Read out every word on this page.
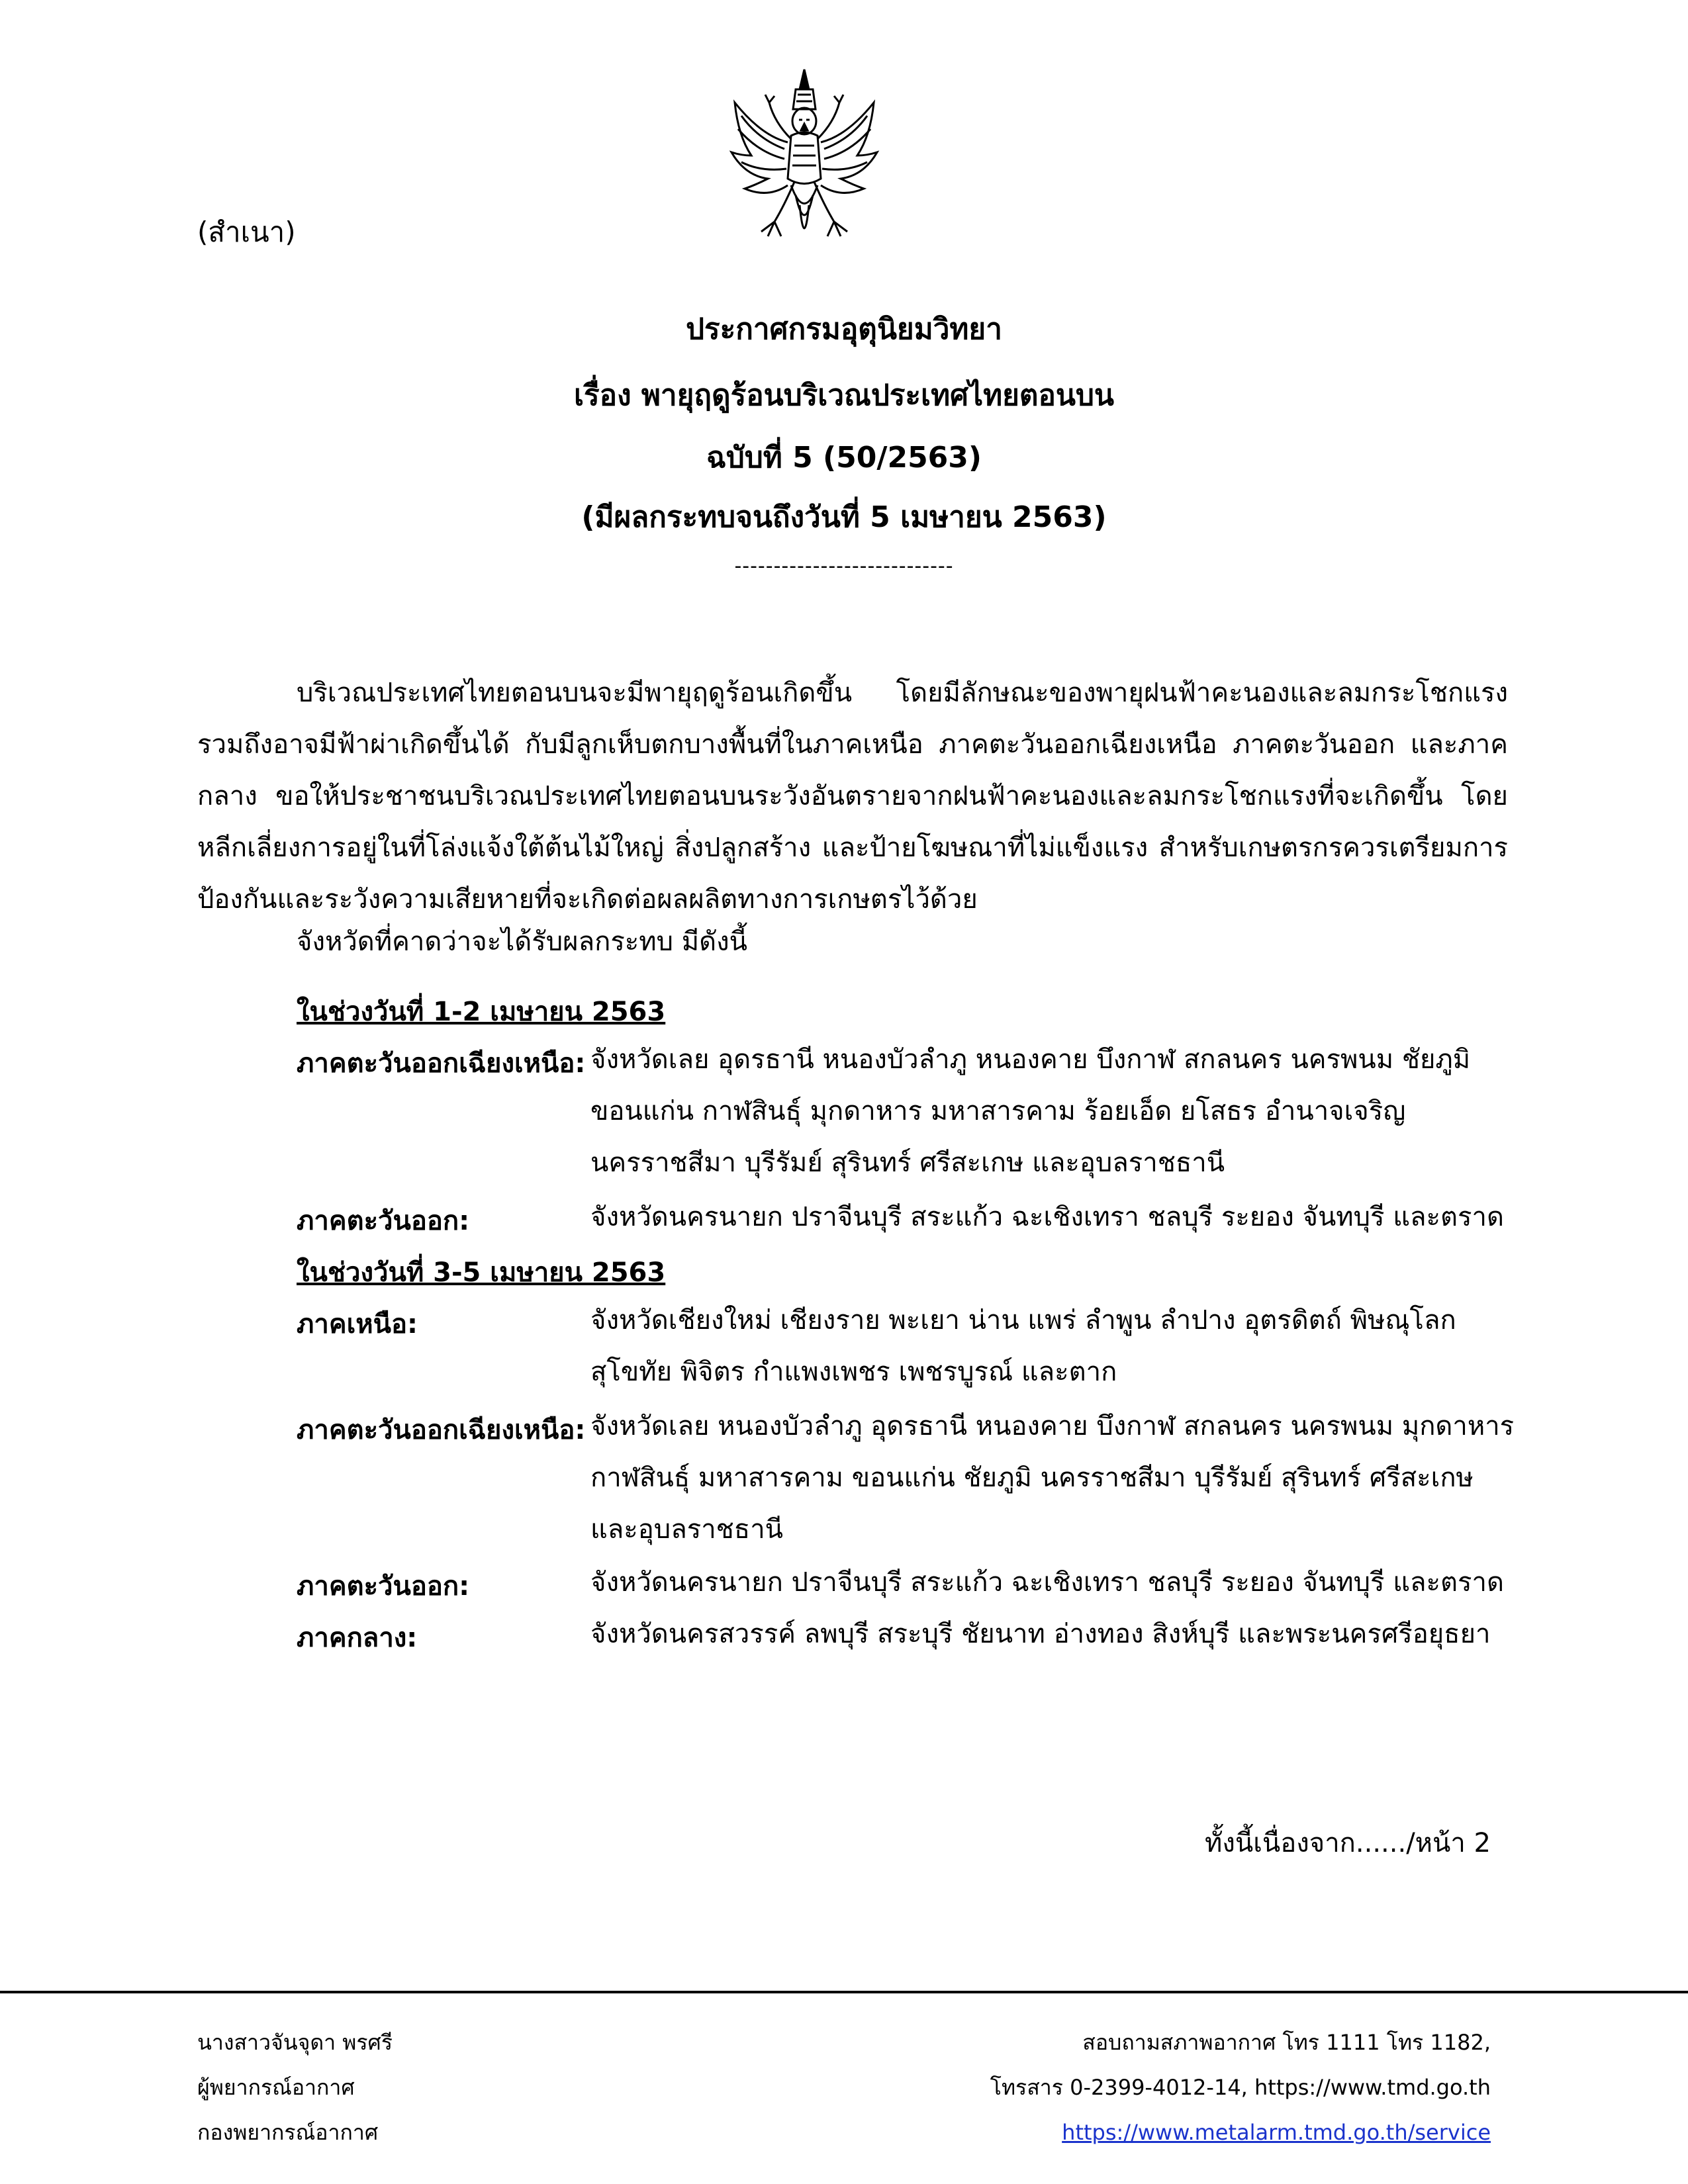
(สำเนา)
ประกาศกรมอุตุนิยมวิทยา
เรื่อง พายุฤดูร้อนบริเวณประเทศไทยตอนบน
ฉบับที่ 5 (50/2563)
(มีผลกระทบจนถึงวันที่ 5 เมษายน 2563)
----------------------------
บริเวณประเทศไทยตอนบนจะมีพายุฤดูร้อนเกิดขึ้น โดยมีลักษณะของพายุฝนฟ้าคะนองและลมกระโชกแรง รวมถึงอาจมีฟ้าผ่าเกิดขึ้นได้ กับมีลูกเห็บตกบางพื้นที่ในภาคเหนือ ภาคตะวันออกเฉียงเหนือ ภาคตะวันออก และภาคกลาง ขอให้ประชาชนบริเวณประเทศไทยตอนบนระวังอันตรายจากฝนฟ้าคะนองและลมกระโชกแรงที่จะเกิดขึ้น โดยหลีกเลี่ยงการอยู่ในที่โล่งแจ้งใต้ต้นไม้ใหญ่ สิ่งปลูกสร้าง และป้ายโฆษณาที่ไม่แข็งแรง สำหรับเกษตรกรควรเตรียมการป้องกันและระวังความเสียหายที่จะเกิดต่อผลผลิตทางการเกษตรไว้ด้วย
จังหวัดที่คาดว่าจะได้รับผลกระทบ มีดังนี้
ในช่วงวันที่ 1-2 เมษายน 2563
ภาคตะวันออกเฉียงเหนือ: จังหวัดเลย อุดรธานี หนองบัวลำภู หนองคาย บึงกาฬ สกลนคร นครพนม ชัยภูมิ ขอนแก่น กาฬสินธุ์ มุกดาหาร มหาสารคาม ร้อยเอ็ด ยโสธร อำนาจเจริญ นครราชสีมา บุรีรัมย์ สุรินทร์ ศรีสะเกษ และอุบลราชธานี
ภาคตะวันออก:	จังหวัดนครนายก ปราจีนบุรี สระแก้ว ฉะเชิงเทรา ชลบุรี ระยอง จันทบุรี และตราด
ในช่วงวันที่ 3-5 เมษายน 2563
ภาคเหนือ:	จังหวัดเชียงใหม่ เชียงราย พะเยา น่าน แพร่ ลำพูน ลำปาง อุตรดิตถ์ พิษณุโลก สุโขทัย พิจิตร กำแพงเพชร เพชรบูรณ์ และตาก
ภาคตะวันออกเฉียงเหนือ: จังหวัดเลย หนองบัวลำภู อุดรธานี หนองคาย บึงกาฬ สกลนคร นครพนม มุกดาหาร กาฬสินธุ์ มหาสารคาม ขอนแก่น ชัยภูมิ นครราชสีมา บุรีรัมย์ สุรินทร์ ศรีสะเกษ และอุบลราชธานี
ภาคตะวันออก:	จังหวัดนครนายก ปราจีนบุรี สระแก้ว ฉะเชิงเทรา ชลบุรี ระยอง จันทบุรี และตราด
ภาคกลาง:	จังหวัดนครสวรรค์ ลพบุรี สระบุรี ชัยนาท อ่างทอง สิงห์บุรี และพระนครศรีอยุธยา
ทั้งนี้เนื่องจาก....../หน้า 2
นางสาวจันจุดา พรศรี
ผู้พยากรณ์อากาศ
กองพยากรณ์อากาศ
สอบถามสภาพอากาศ โทร 1111 โทร 1182,
โทรสาร 0-2399-4012-14, https://www.tmd.go.th
https://www.metalarm.tmd.go.th/service
